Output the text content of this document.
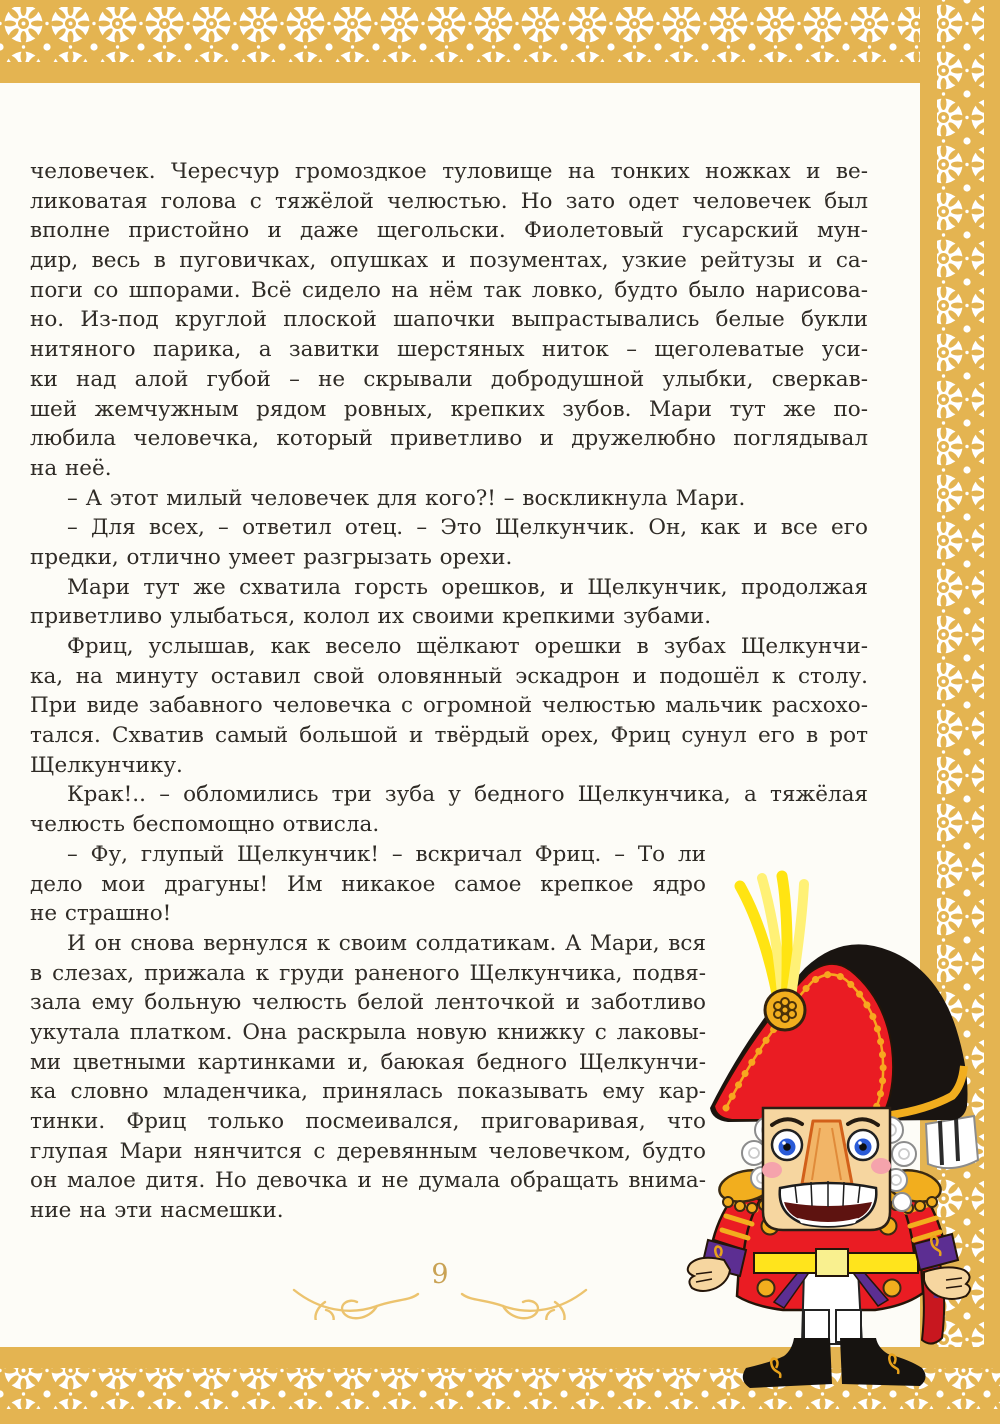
человечек. Чересчур громоздкое туловище на тонких ножках и ве-
ликоватая голова с тяжёлой челюстью. Но зато одет человечек был
вполне пристойно и даже щегольски. Фиолетовый гусарский мун-
дир, весь в пуговичках, опушках и позументах, узкие рейтузы и са-
поги со шпорами. Всё сидело на нём так ловко, будто было нарисова-
но. Из-под круглой плоской шапочки выпрастывались белые букли
нитяного парика, а завитки шерстяных ниток – щеголеватые уси-
ки над алой губой – не скрывали добродушной улыбки, сверкав-
шей жемчужным рядом ровных, крепких зубов. Мари тут же по-
любила человечка, который приветливо и дружелюбно поглядывал
на неё.
– А этот милый человечек для кого?! – воскликнула Мари.
– Для всех, – ответил отец. – Это Щелкунчик. Он, как и все его
предки, отлично умеет разгрызать орехи.
Мари тут же схватила горсть орешков, и Щелкунчик, продолжая
приветливо улыбаться, колол их своими крепкими зубами.
Фриц, услышав, как весело щёлкают орешки в зубах Щелкунчи-
ка, на минуту оставил свой оловянный эскадрон и подошёл к столу.
При виде забавного человечка с огромной челюстью мальчик расхохо-
тался. Схватив самый большой и твёрдый орех, Фриц сунул его в рот
Щелкунчику.
Крак!.. – обломились три зуба у бедного Щелкунчика, а тяжёлая
челюсть беспомощно отвисла.
– Фу, глупый Щелкунчик! – вскричал Фриц. – То ли
дело мои драгуны! Им никакое самое крепкое ядро
не страшно!
И он снова вернулся к своим солдатикам. А Мари, вся
в слезах, прижала к груди раненого Щелкунчика, подвя-
зала ему больную челюсть белой ленточкой и заботливо
укутала платком. Она раскрыла новую книжку с лаковы-
ми цветными картинками и, баюкая бедного Щелкунчи-
ка словно младенчика, принялась показывать ему кар-
тинки. Фриц только посмеивался, приговаривая, что
глупая Мари нянчится с деревянным человечком, будто
он малое дитя. Но девочка и не думала обращать внима-
ние на эти насмешки.
9
